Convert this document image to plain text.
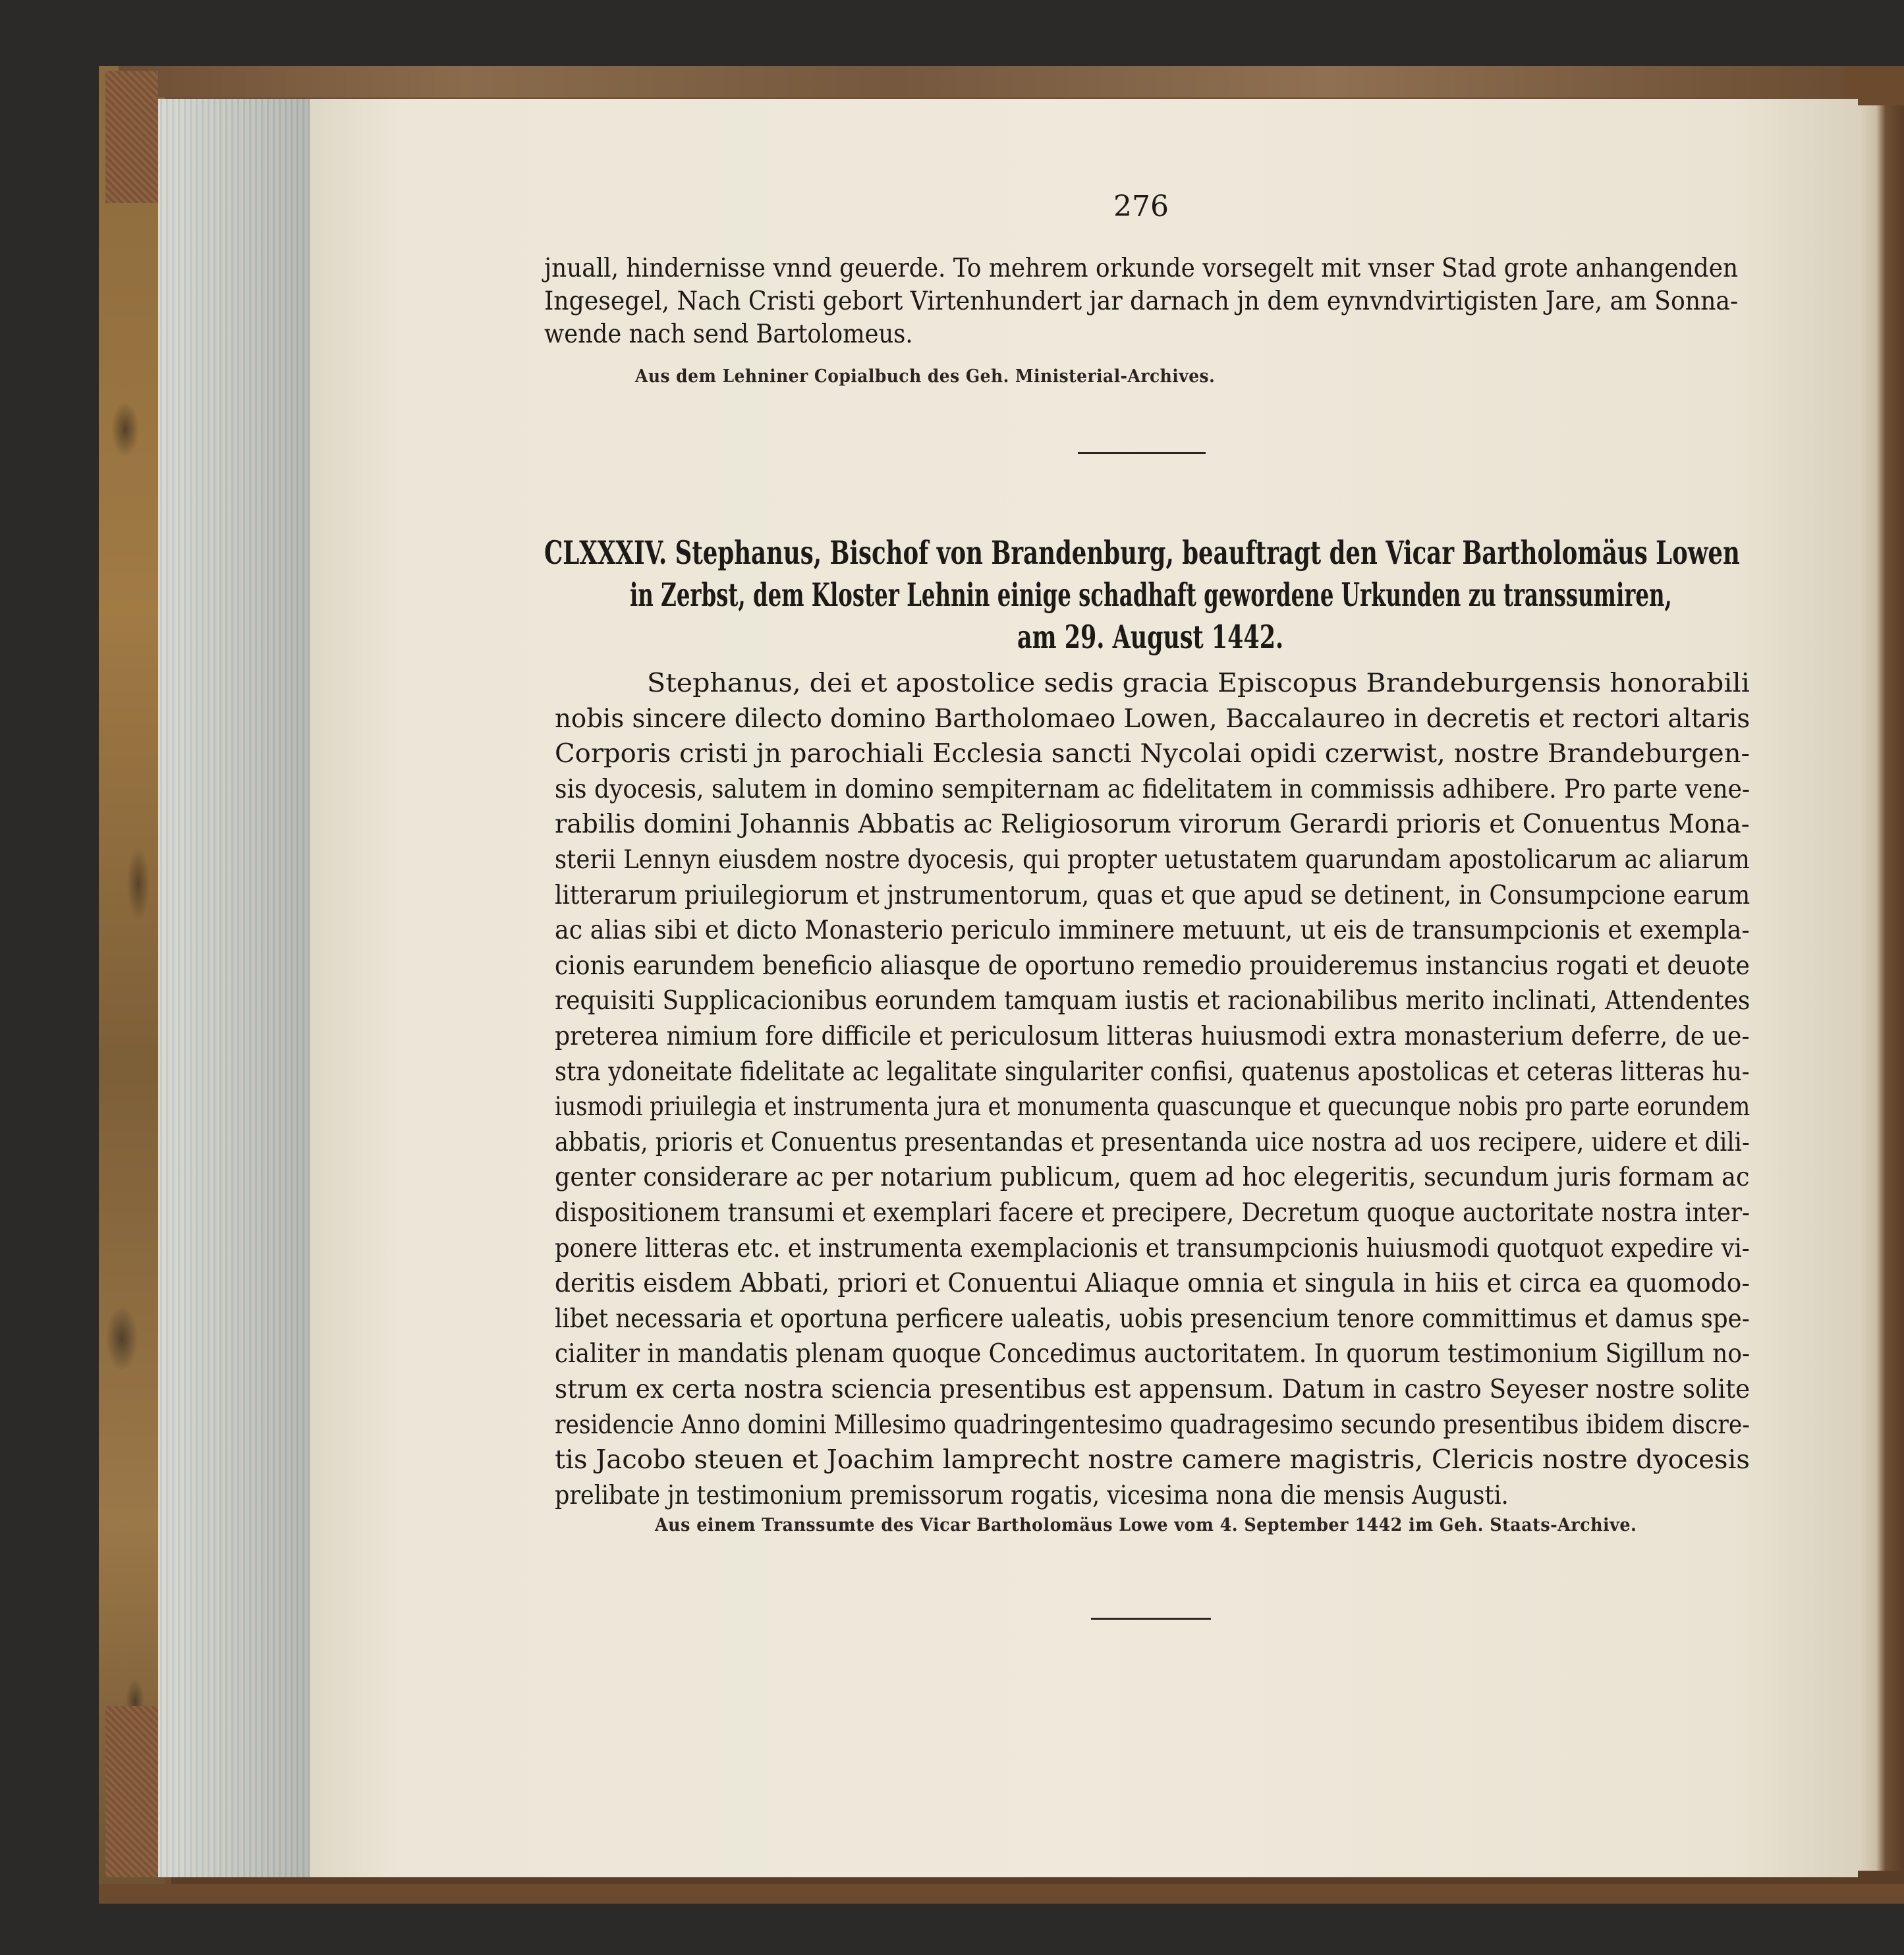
276
jnuall, hindernisse vnnd geuerde. To mehrem orkunde vorsegelt mit vnser Stad grote anhangenden
Ingesegel, Nach Cristi gebort Virtenhundert jar darnach jn dem eynvndvirtigisten Jare, am Sonna-
wende nach send Bartolomeus.
Aus dem Lehniner Copialbuch des Geh. Ministerial-Archives.
CLXXXIV. Stephanus, Bischof von Brandenburg, beauftragt den Vicar Bartholomäus Lowen
in Zerbst, dem Kloster Lehnin einige schadhaft gewordene Urkunden zu transsumiren,
am 29. August 1442.
Stephanus, dei et apostolice sedis gracia Episcopus Brandeburgensis honorabili
nobis sincere dilecto domino Bartholomaeo Lowen, Baccalaureo in decretis et rectori altaris
Corporis cristi jn parochiali Ecclesia sancti Nycolai opidi czerwist, nostre Brandeburgen-
sis dyocesis, salutem in domino sempiternam ac fidelitatem in commissis adhibere. Pro parte vene-
rabilis domini Johannis Abbatis ac Religiosorum virorum Gerardi prioris et Conuentus Mona-
sterii Lennyn eiusdem nostre dyocesis, qui propter uetustatem quarundam apostolicarum ac aliarum
litterarum priuilegiorum et jnstrumentorum, quas et que apud se detinent, in Consumpcione earum
ac alias sibi et dicto Monasterio periculo imminere metuunt, ut eis de transumpcionis et exempla-
cionis earundem beneficio aliasque de oportuno remedio prouideremus instancius rogati et deuote
requisiti Supplicacionibus eorundem tamquam iustis et racionabilibus merito inclinati, Attendentes
preterea nimium fore difficile et periculosum litteras huiusmodi extra monasterium deferre, de ue-
stra ydoneitate fidelitate ac legalitate singulariter confisi, quatenus apostolicas et ceteras litteras hu-
iusmodi priuilegia et instrumenta jura et monumenta quascunque et quecunque nobis pro parte eorundem
abbatis, prioris et Conuentus presentandas et presentanda uice nostra ad uos recipere, uidere et dili-
genter considerare ac per notarium publicum, quem ad hoc elegeritis, secundum juris formam ac
dispositionem transumi et exemplari facere et precipere, Decretum quoque auctoritate nostra inter-
ponere litteras etc. et instrumenta exemplacionis et transumpcionis huiusmodi quotquot expedire vi-
deritis eisdem Abbati, priori et Conuentui Aliaque omnia et singula in hiis et circa ea quomodo-
libet necessaria et oportuna perficere ualeatis, uobis presencium tenore committimus et damus spe-
cialiter in mandatis plenam quoque Concedimus auctoritatem. In quorum testimonium Sigillum no-
strum ex certa nostra sciencia presentibus est appensum. Datum in castro Seyeser nostre solite
residencie Anno domini Millesimo quadringentesimo quadragesimo secundo presentibus ibidem discre-
tis Jacobo steuen et Joachim lamprecht nostre camere magistris, Clericis nostre dyocesis
prelibate jn testimonium premissorum rogatis, vicesima nona die mensis Augusti.
Aus einem Transsumte des Vicar Bartholomäus Lowe vom 4. September 1442 im Geh. Staats-Archive.
